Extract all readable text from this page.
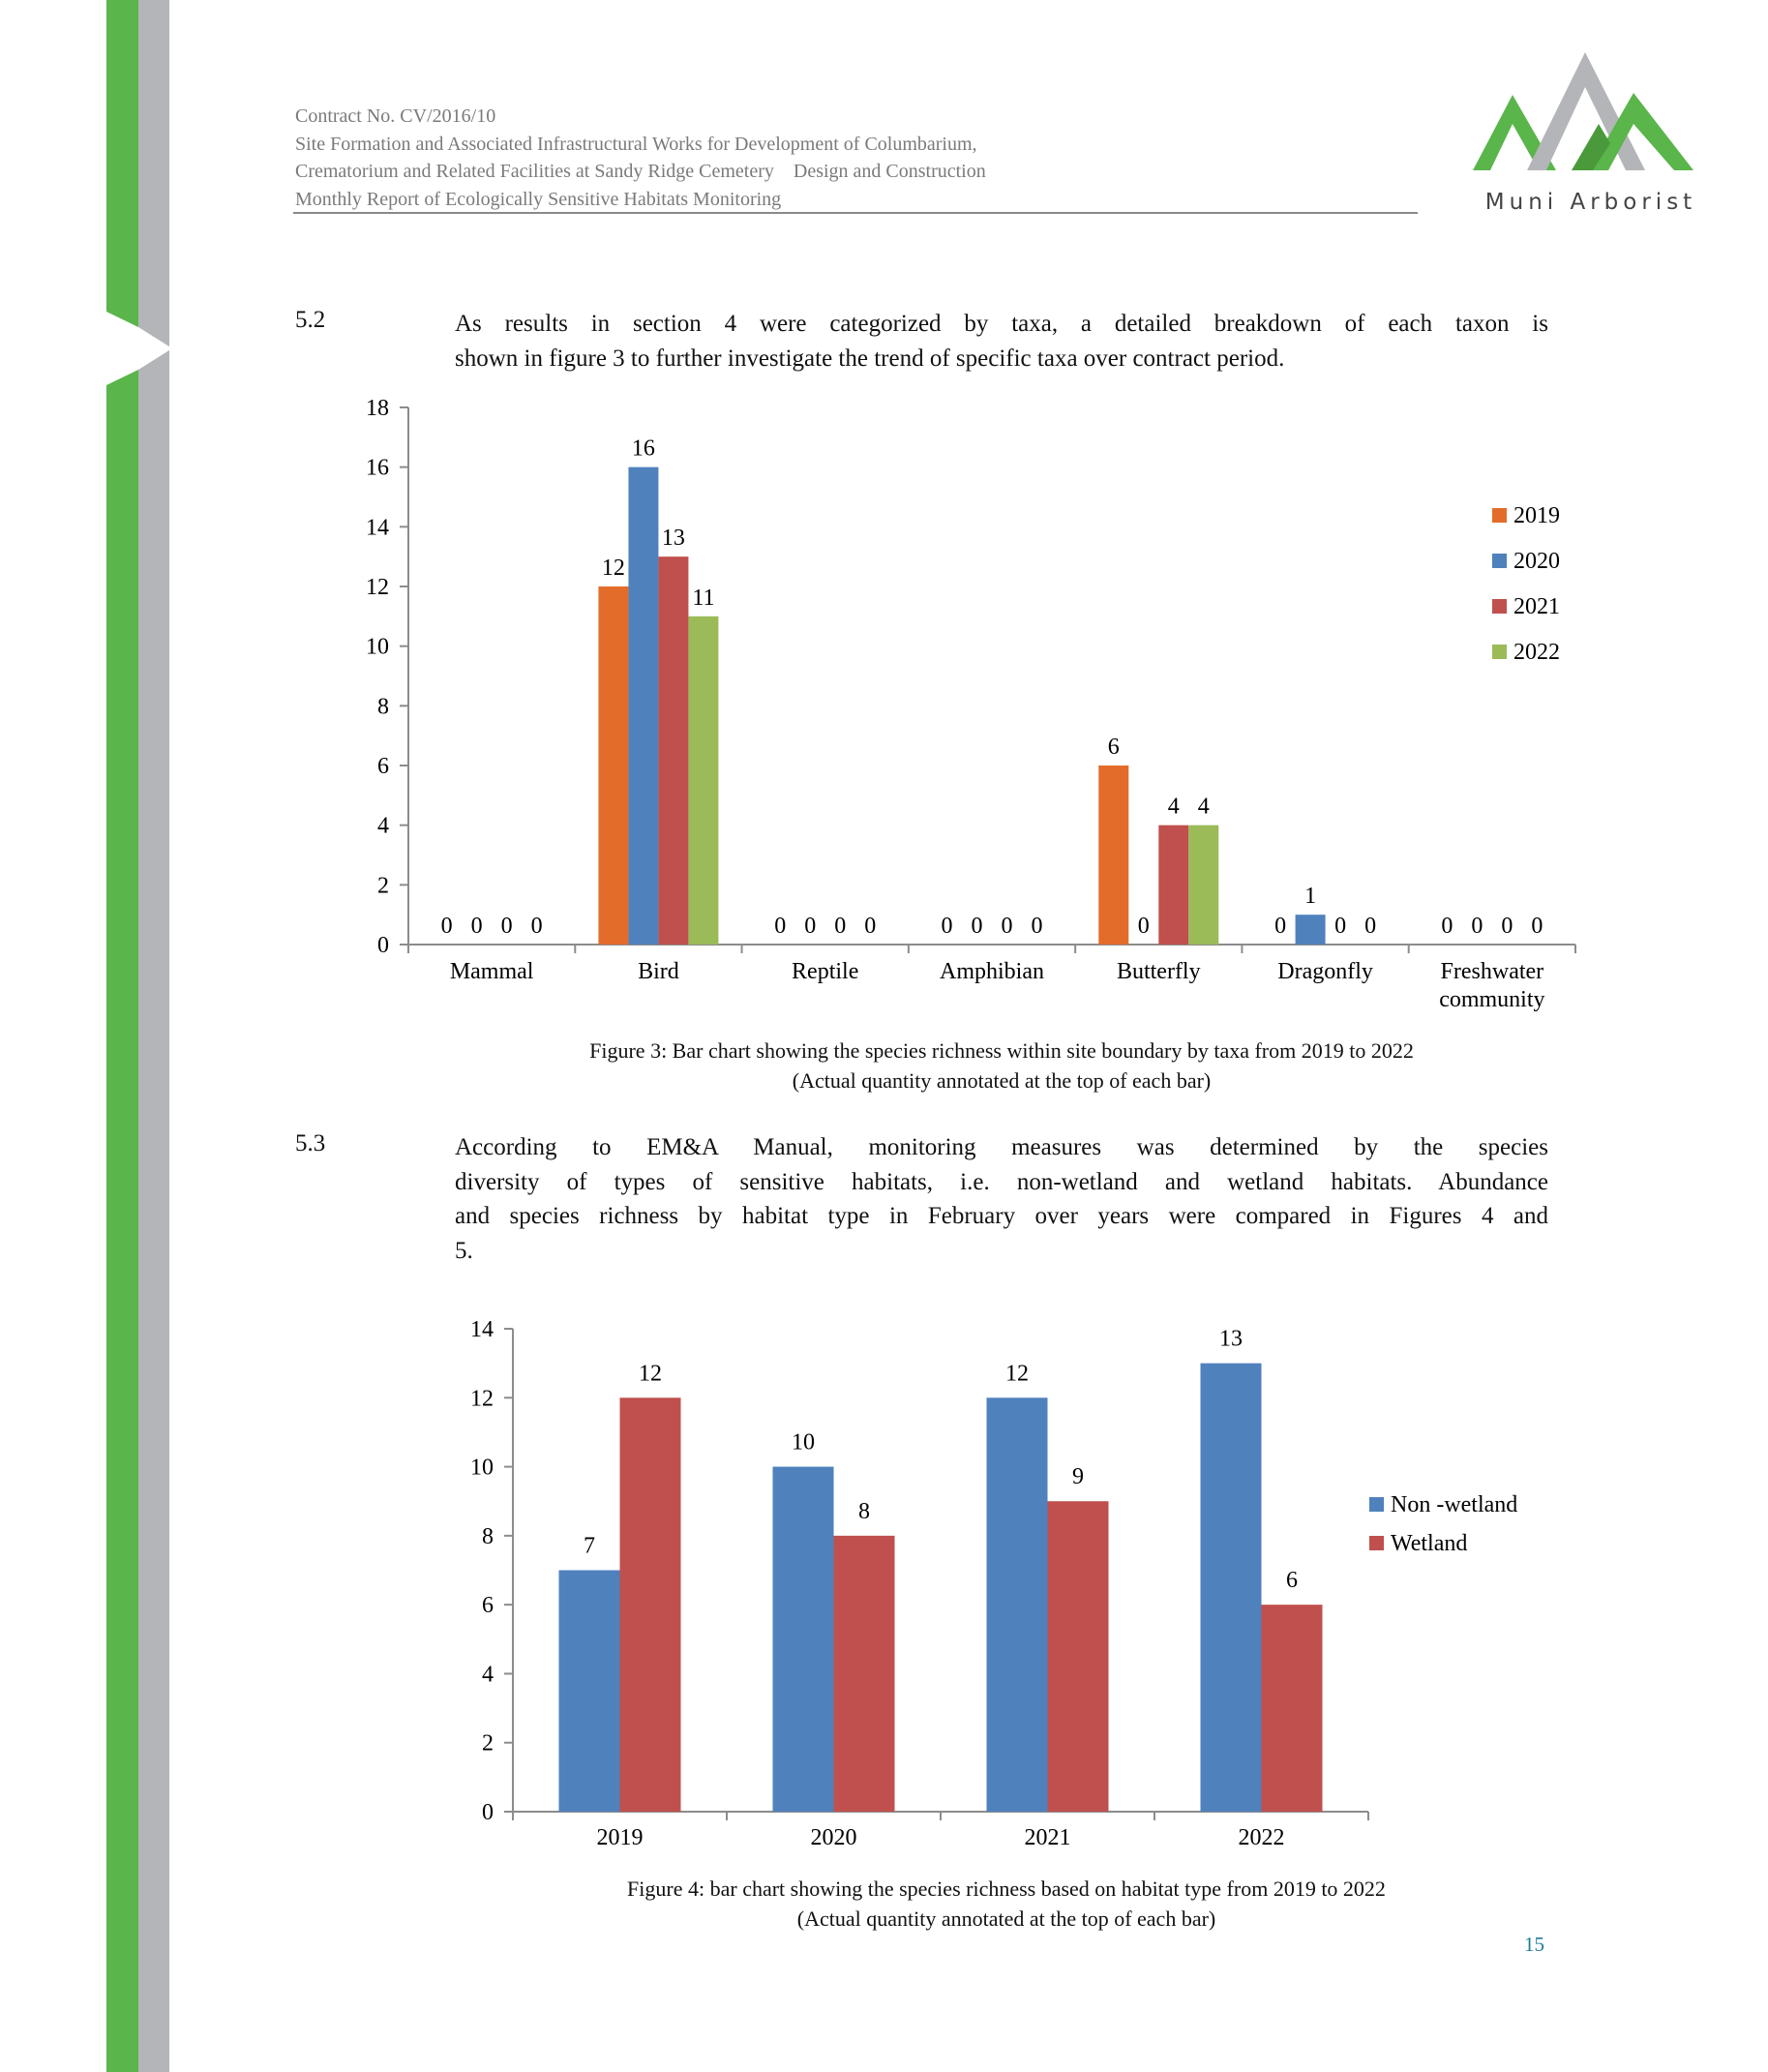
Contract No. CV/2016/10
Site Formation and Associated Infrastructural Works for Development of Columbarium,
Crematorium and Related Facilities at Sandy Ridge Cemetery    Design and Construction
Monthly Report of Ecologically Sensitive Habitats Monitoring	Muni Arborist
5.2	As results in section 4 were categorized by taxa, a detailed breakdown of each taxon is
shown in figure 3 to further investigate the trend of specific taxa over contract period.
0
2
4
6
8
10
12
14
16
18
Mammal
0 0 0 0
Bird
12
16
13
11
Reptile
0 0 0 0
Amphibian
0 0 0 0
Butterfly
6
0
4 4
Dragonfly
0
1
0 0
Freshwater
community
0 0 0 0
2019
2020
2021
2022
Figure 3: Bar chart showing the species richness within site boundary by taxa from 2019 to 2022
(Actual quantity annotated at the top of each bar)
5.3	According to EM&A Manual, monitoring measures was determined by the species
diversity of types of sensitive habitats, i.e. non-wetland and wetland habitats. Abundance
and species richness by habitat type in February over years were compared in Figures 4 and
5.
0
2
4
6
8
10
12
14
2019
7
12
2020
10
8
2021
12
9
2022
13
6
Non -wetland
Wetland
Figure 4: bar chart showing the species richness based on habitat type from 2019 to 2022
(Actual quantity annotated at the top of each bar)
15
